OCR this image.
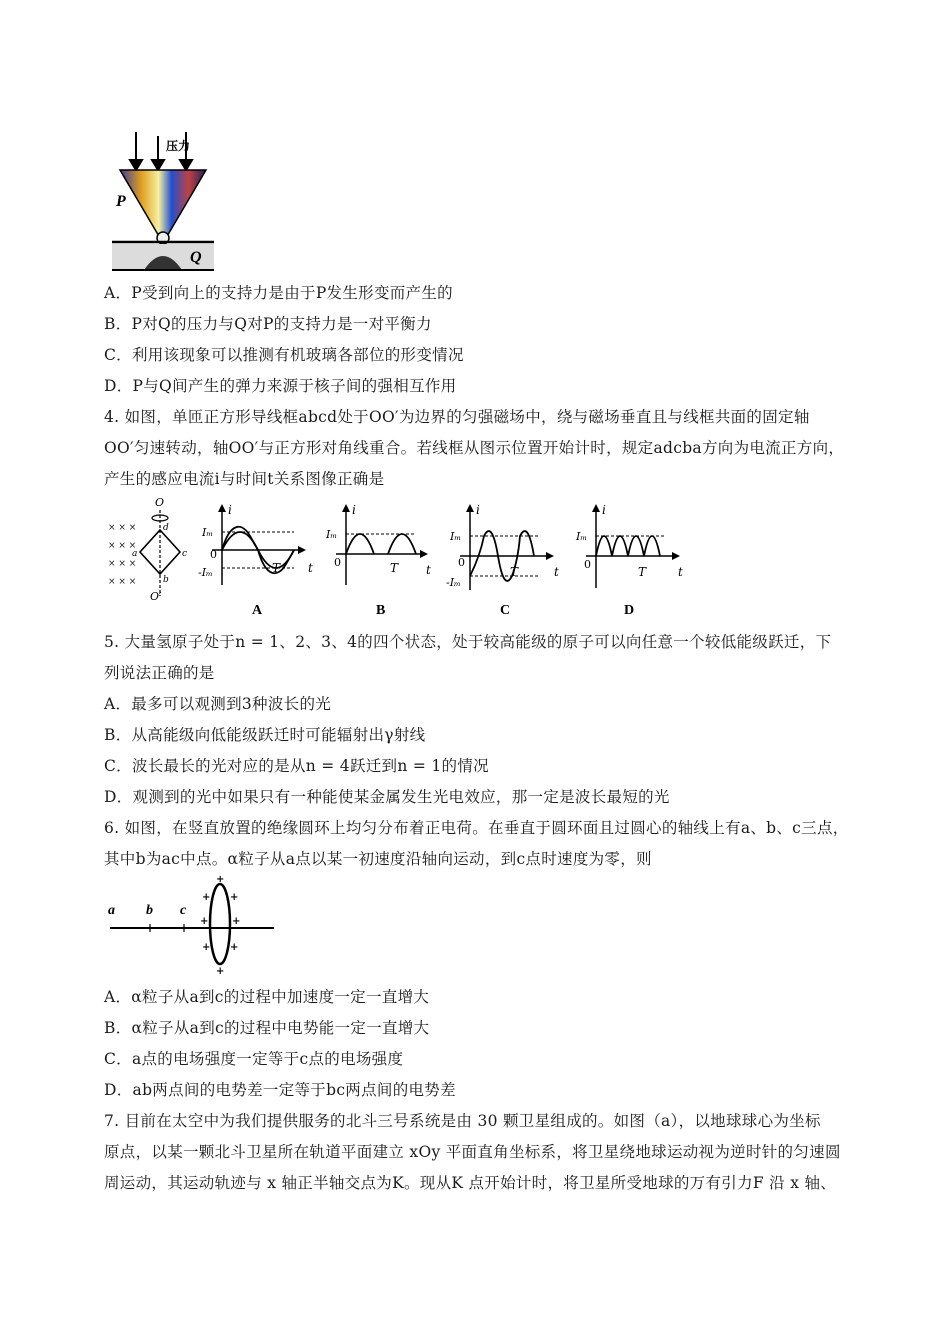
压力
P
Q
A．P受到向上的支持力是由于P发生形变而产生的
B．P对Q的压力与Q对P的支持力是一对平衡力
C．利用该现象可以推测有机玻璃各部位的形变情况
D．P与Q间产生的弹力来源于核子间的强相互作用
4. 如图，单匝正方形导线框abcd处于OO′为边界的匀强磁场中，绕与磁场垂直且与线框共面的固定轴
OO′匀速转动，轴OO′与正方形对角线重合。若线框从图示位置开始计时，规定adcba方向为电流正方向，
产生的感应电流i与时间t关系图像正确是
× × ×
× × ×
× × ×
× × ×
O
O′
d
c
b
a
i
Iₘ
0
-Iₘ	T t
A
i
Iₘ
0	T t
B
i
Iₘ
0
-Iₘ
T	t
C
i
Iₘ
0
T	t
D
5. 大量氢原子处于n = 1、2、3、4的四个状态，处于较高能级的原子可以向任意一个较低能级跃迁，下
列说法正确的是
A．最多可以观测到3种波长的光
B．从高能级向低能级跃迁时可能辐射出γ射线
C．波长最长的光对应的是从n = 4跃迁到n = 1的情况
D．观测到的光中如果只有一种能使某金属发生光电效应，那一定是波长最短的光
6. 如图，在竖直放置的绝缘圆环上均匀分布着正电荷。在垂直于圆环面且过圆心的轴线上有a、b、c三点，
其中b为ac中点。α粒子从a点以某一初速度沿轴向运动，到c点时速度为零，则
a b c
+
+ +
+ +
+ +
+
A．α粒子从a到c的过程中加速度一定一直增大
B．α粒子从a到c的过程中电势能一定一直增大
C．a点的电场强度一定等于c点的电场强度
D．ab两点间的电势差一定等于bc两点间的电势差
7. 目前在太空中为我们提供服务的北斗三号系统是由 30 颗卫星组成的。如图（a），以地球球心为坐标
原点，以某一颗北斗卫星所在轨道平面建立 xOy 平面直角坐标系，将卫星绕地球运动视为逆时针的匀速圆
周运动，其运动轨迹与 x 轴正半轴交点为K。现从K 点开始计时，将卫星所受地球的万有引力F 沿 x 轴、
